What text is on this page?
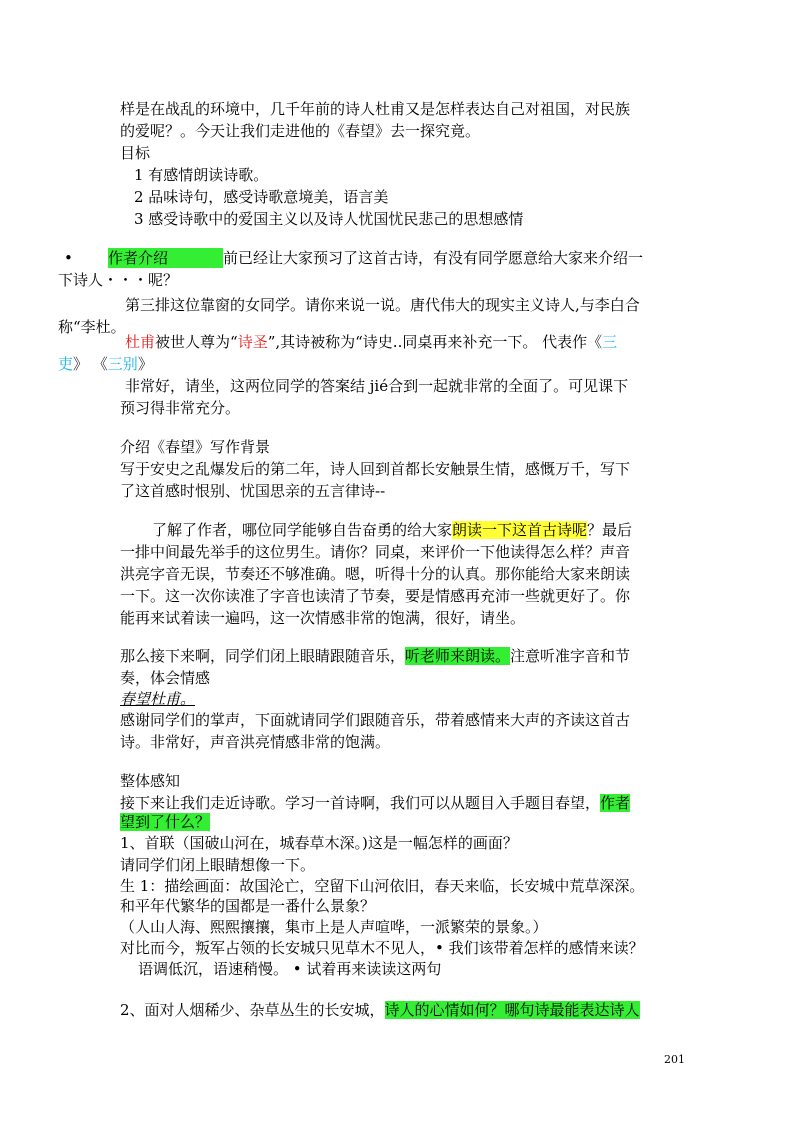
样是在战乱的环境中，几千年前的诗人杜甫又是怎样表达自己对祖国，对民族
的爱呢？。今天让我们走进他的《春望》去一探究竟。
目标
1 有感情朗读诗歌。
2 品味诗句，感受诗歌意境美，语言美
3 感受诗歌中的爱国主义以及诗人忧国忧民悲己的思想感情
• 作者介绍	前已经让大家预习了这首古诗，有没有同学愿意给大家来介绍一
下诗人・・・呢？
第三排这位靠窗的女同学。请你来说一说。唐代伟大的现实主义诗人,与李白合
称“李杜。
杜甫被世人尊为“诗圣”,其诗被称为“诗史..同桌再来补充一下。 代表作《三
吏》 《三别》
非常好，请坐，这两位同学的答案结 jié合到一起就非常的全面了。可见课下
预习得非常充分。
介绍《春望》写作背景
写于安史之乱爆发后的第二年，诗人回到首都长安触景生情，感慨万千，写下
了这首感时恨别、忧国思亲的五言律诗--
了解了作者，哪位同学能够自告奋勇的给大家朗读一下这首古诗呢？最后
一排中间最先举手的这位男生。请你？同桌，来评价一下他读得怎么样？声音
洪亮字音无误，节奏还不够准确。嗯，听得十分的认真。那你能给大家来朗读
一下。这一次你读准了字音也读清了节奏，要是情感再充沛一些就更好了。你
能再来试着读一遍吗，这一次情感非常的饱满，很好，请坐。
那么接下来啊，同学们闭上眼睛跟随音乐，听老师来朗读。注意听准字音和节
奏，体会情感
春望杜甫。
感谢同学们的掌声，下面就请同学们跟随音乐，带着感情来大声的齐读这首古
诗。非常好，声音洪亮情感非常的饱满。
整体感知
接下来让我们走近诗歌。学习一首诗啊，我们可以从题目入手题目春望，作者
望到了什么？
1、首联（国破山河在，城春草木深。)这是一幅怎样的画面？
请同学们闭上眼睛想像一下。
生 1：描绘画面：故国沦亡，空留下山河依旧，春天来临，长安城中荒草深深。
和平年代繁华的国都是一番什么景象？
（人山人海、熙熙攘攘，集市上是人声喧哗，一派繁荣的景象。）
对比而今，叛军占领的长安城只见草木不见人，• 我们该带着怎样的感情来读？
语调低沉，语速稍慢。 • 试着再来读读这两句
2、面对人烟稀少、杂草丛生的长安城，诗人的心情如何？哪句诗最能表达诗人
201
